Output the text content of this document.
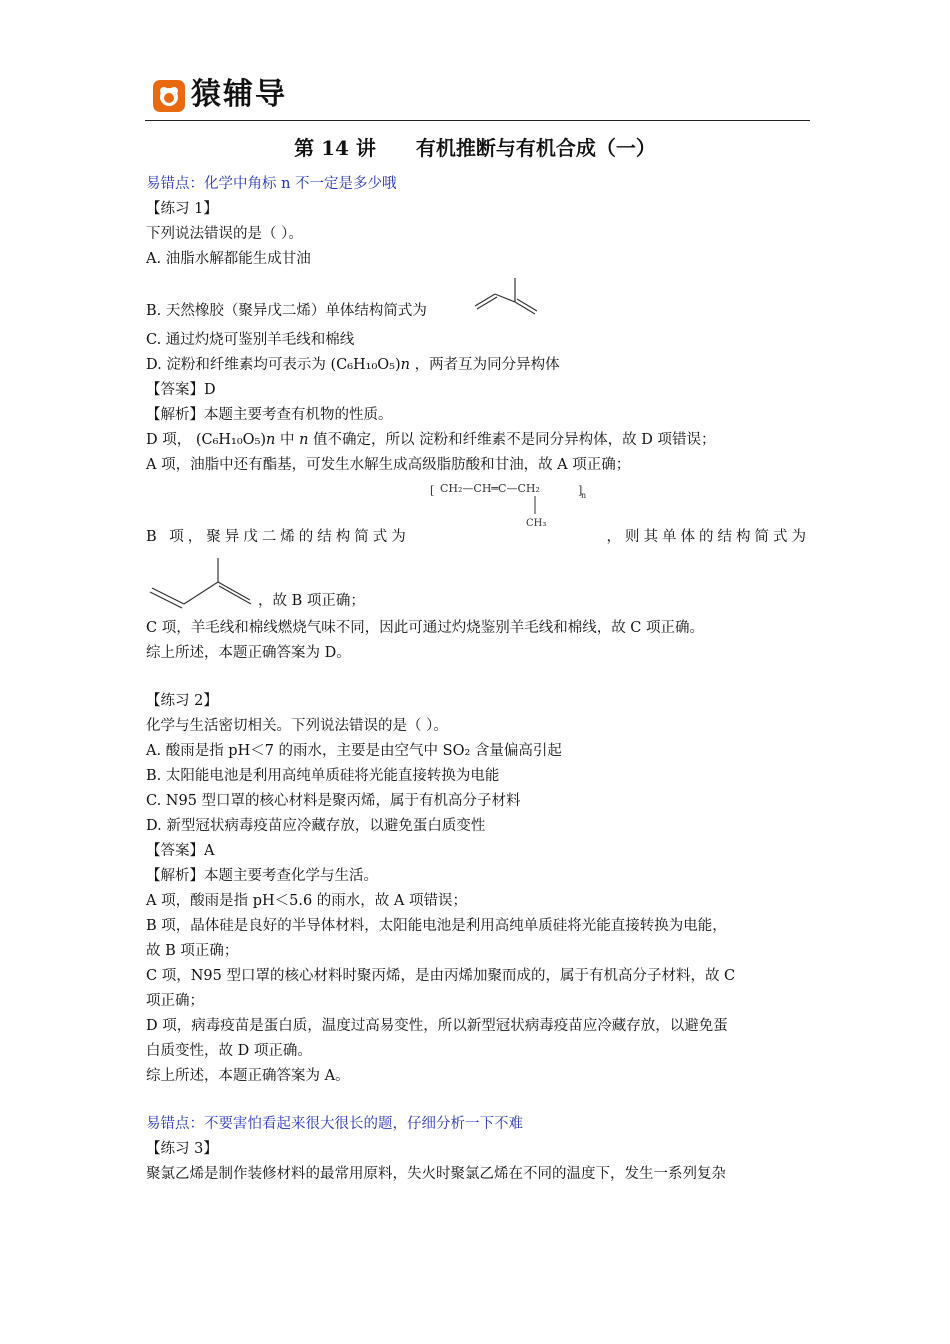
猿辅导
第 14 讲 有机推断与有机合成（一）
易错点：化学中角标 n 不一定是多少哦
【练习 1】
下列说法错误的是（ ）。
A. 油脂水解都能生成甘油
B. 天然橡胶（聚异戊二烯）单体结构简式为
C. 通过灼烧可鉴别羊毛线和棉线
D. 淀粉和纤维素均可表示为 (C₆H₁₀O₅)𝑛 ，两者互为同分异构体
【答案】D
【解析】本题主要考查有机物的性质。
D 项， (C₆H₁₀O₅)𝑛 中 𝑛 值不确定，所以 淀粉和纤维素不是同分异构体，故 D 项错误；
A 项，油脂中还有酯基，可发生水解生成高级脂肪酸和甘油，故 A 项正确；
B 项，聚异戊二烯的结构简式为
[ CH₂—CH═C—CH₂	]
n
CH₃
，则其单体的结构简式为
，故 B 项正确；
C 项，羊毛线和棉线燃烧气味不同，因此可通过灼烧鉴别羊毛线和棉线，故 C 项正确。
综上所述，本题正确答案为 D。
【练习 2】
化学与生活密切相关。下列说法错误的是（ ）。
A. 酸雨是指 pH＜7 的雨水，主要是由空气中 SO₂ 含量偏高引起
B. 太阳能电池是利用高纯单质硅将光能直接转换为电能
C. N95 型口罩的核心材料是聚丙烯，属于有机高分子材料
D. 新型冠状病毒疫苗应冷藏存放，以避免蛋白质变性
【答案】A
【解析】本题主要考查化学与生活。
A 项，酸雨是指 pH＜5.6 的雨水，故 A 项错误；
B 项，晶体硅是良好的半导体材料，太阳能电池是利用高纯单质硅将光能直接转换为电能，
故 B 项正确；
C 项，N95 型口罩的核心材料时聚丙烯，是由丙烯加聚而成的，属于有机高分子材料，故 C
项正确；
D 项，病毒疫苗是蛋白质，温度过高易变性，所以新型冠状病毒疫苗应冷藏存放，以避免蛋
白质变性，故 D 项正确。
综上所述，本题正确答案为 A。
易错点：不要害怕看起来很大很长的题，仔细分析一下不难
【练习 3】
聚氯乙烯是制作装修材料的最常用原料，失火时聚氯乙烯在不同的温度下，发生一系列复杂
